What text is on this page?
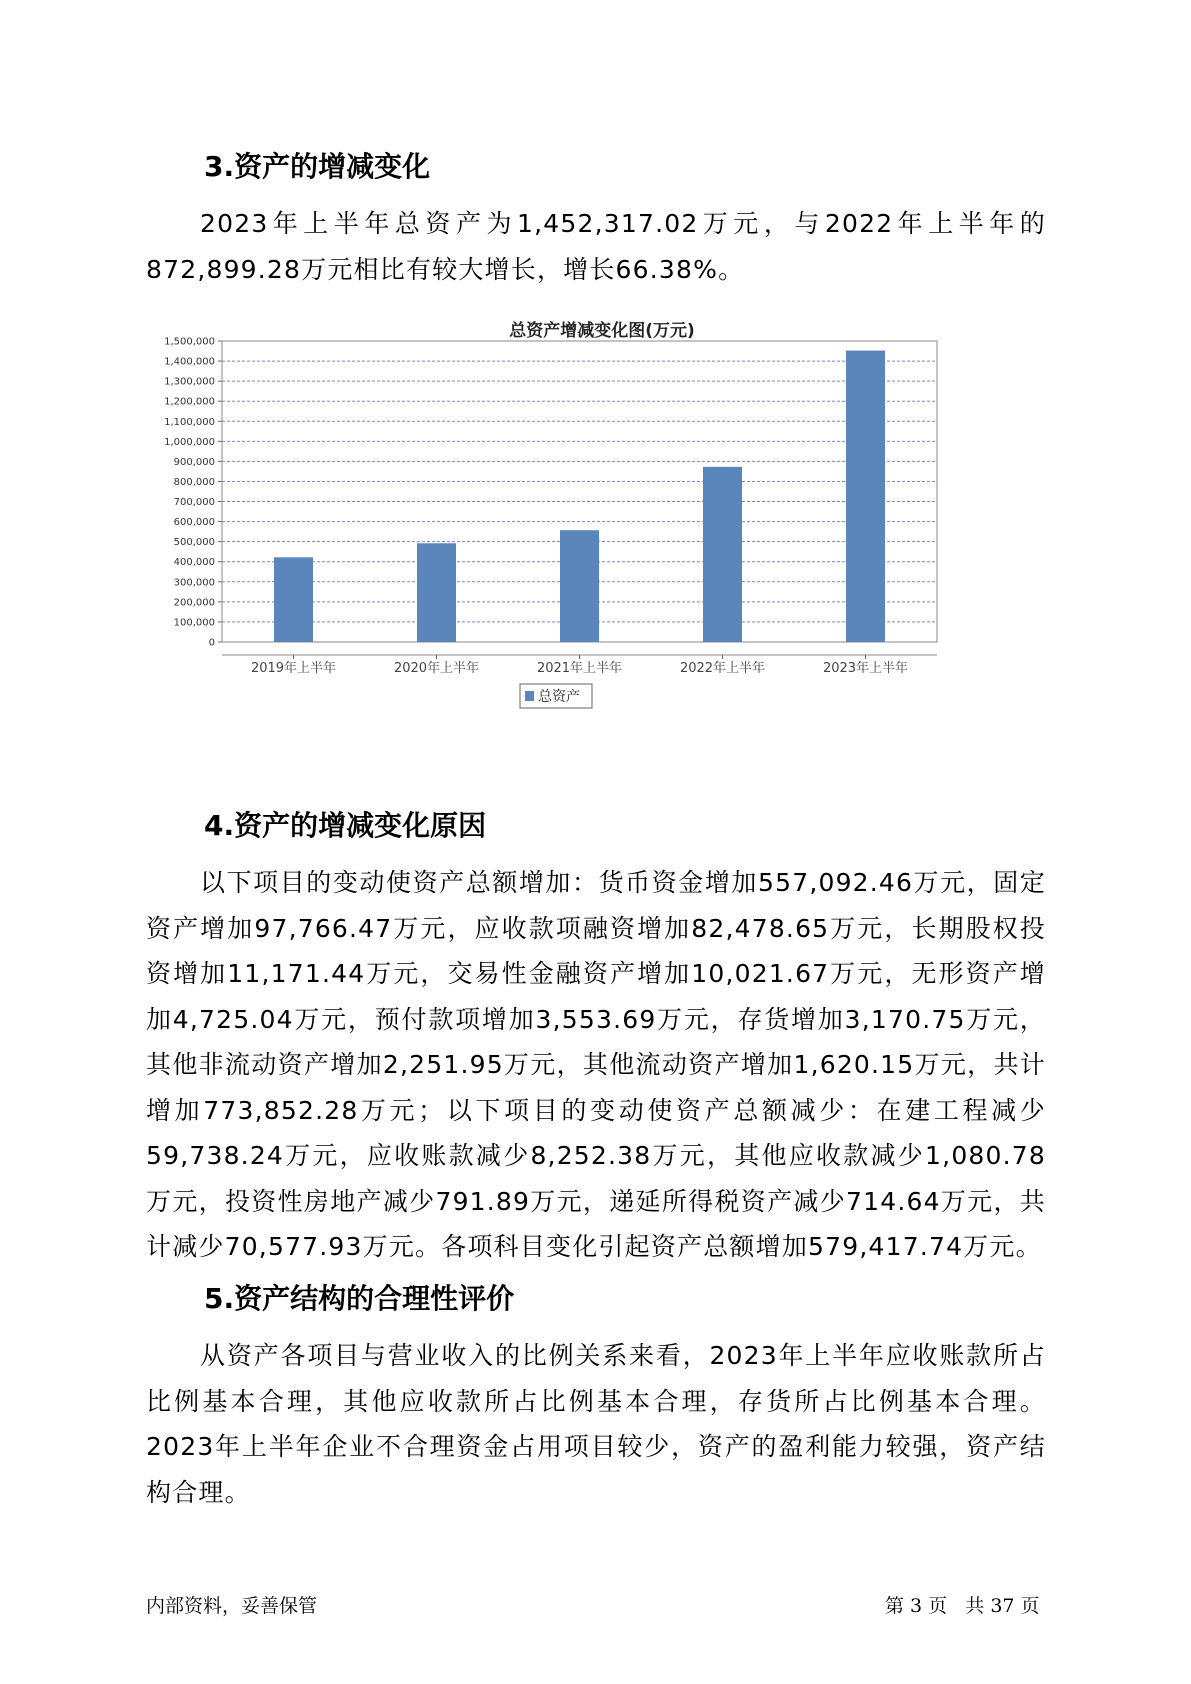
3.资产的增减变化

2023年上半年总资产为1,452,317.02万元，与2022年上半年的872,899.28万元相比有较大增长，增长66.38%。

总资产增减变化图(万元)
0
100,000
200,000
300,000
400,000
500,000
600,000
700,000
800,000
900,000
1,000,000
1,100,000
1,200,000
1,300,000
1,400,000
1,500,000
2019年上半年	2020年上半年	2021年上半年	2022年上半年	2023年上半年
总资产
4.资产的增减变化原因

以下项目的变动使资产总额增加：货币资金增加557,092.46万元，固定资产增加97,766.47万元，应收款项融资增加82,478.65万元，长期股权投资增加11,171.44万元，交易性金融资产增加10,021.67万元，无形资产增加4,725.04万元，预付款项增加3,553.69万元，存货增加3,170.75万元，其他非流动资产增加2,251.95万元，其他流动资产增加1,620.15万元，共计增加773,852.28万元；以下项目的变动使资产总额减少：在建工程减少59,738.24万元，应收账款减少8,252.38万元，其他应收款减少1,080.78万元，投资性房地产减少791.89万元，递延所得税资产减少714.64万元，共计减少70,577.93万元。各项科目变化引起资产总额增加579,417.74万元。

5.资产结构的合理性评价

从资产各项目与营业收入的比例关系来看，2023年上半年应收账款所占比例基本合理，其他应收款所占比例基本合理，存货所占比例基本合理。2023年上半年企业不合理资金占用项目较少，资产的盈利能力较强，资产结构合理。

内部资料，妥善保管	第 3 页   共 37 页
